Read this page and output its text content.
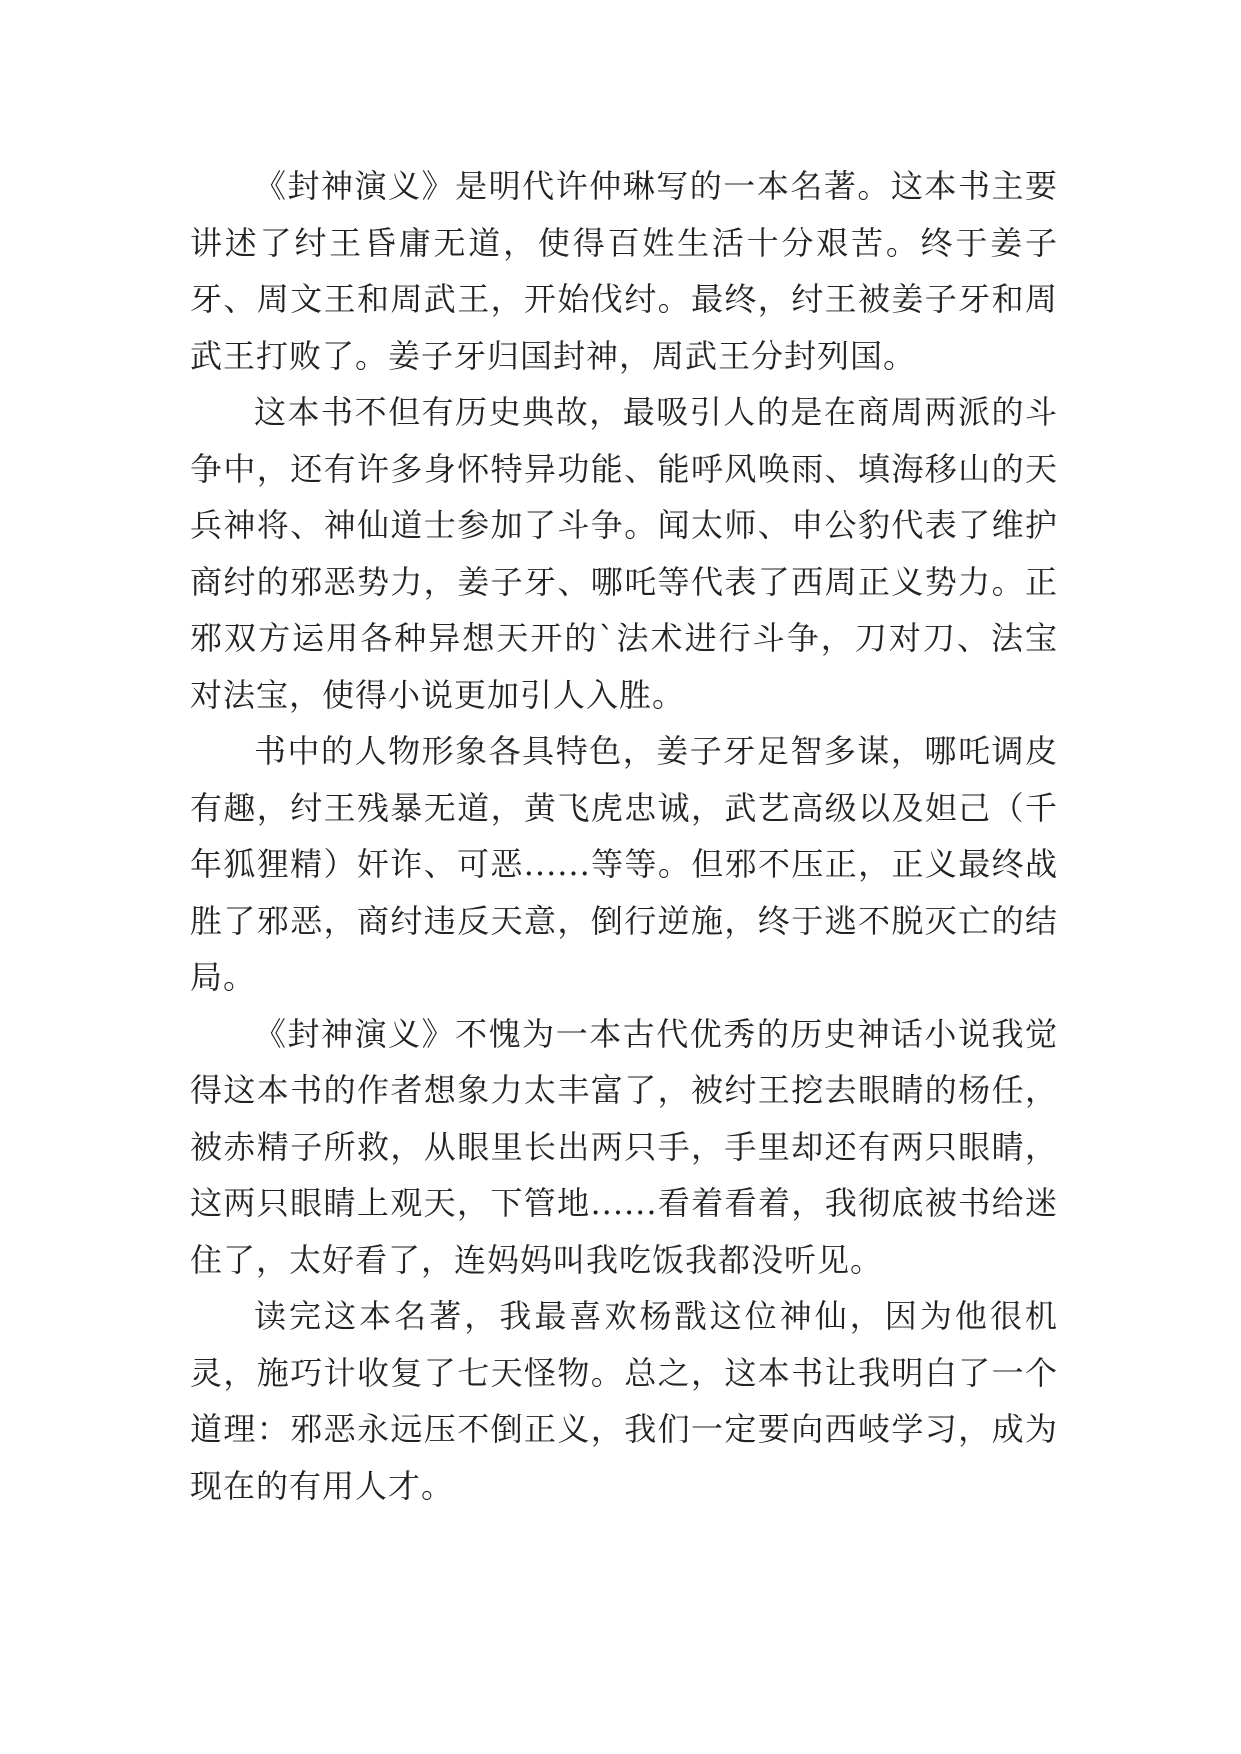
《封神演义》是明代许仲琳写的一本名著。这本书主要讲述了纣王昏庸无道，使得百姓生活十分艰苦。终于姜子牙、周文王和周武王，开始伐纣。最终，纣王被姜子牙和周武王打败了。姜子牙归国封神，周武王分封列国。

这本书不但有历史典故，最吸引人的是在商周两派的斗争中，还有许多身怀特异功能、能呼风唤雨、填海移山的天兵神将、神仙道士参加了斗争。闻太师、申公豹代表了维护商纣的邪恶势力，姜子牙、哪吒等代表了西周正义势力。正邪双方运用各种异想天开的`法术进行斗争，刀对刀、法宝对法宝，使得小说更加引人入胜。

书中的人物形象各具特色，姜子牙足智多谋，哪吒调皮有趣，纣王残暴无道，黄飞虎忠诚，武艺高级以及妲己（千年狐狸精）奸诈、可恶......等等。但邪不压正，正义最终战胜了邪恶，商纣违反天意，倒行逆施，终于逃不脱灭亡的结局。

《封神演义》不愧为一本古代优秀的历史神话小说我觉得这本书的作者想象力太丰富了，被纣王挖去眼睛的杨任，被赤精子所救，从眼里长出两只手，手里却还有两只眼睛，这两只眼睛上观天，下管地......看着看着，我彻底被书给迷住了，太好看了，连妈妈叫我吃饭我都没听见。

读完这本名著，我最喜欢杨戬这位神仙，因为他很机灵，施巧计收复了七天怪物。总之，这本书让我明白了一个道理：邪恶永远压不倒正义，我们一定要向西岐学习，成为现在的有用人才。
